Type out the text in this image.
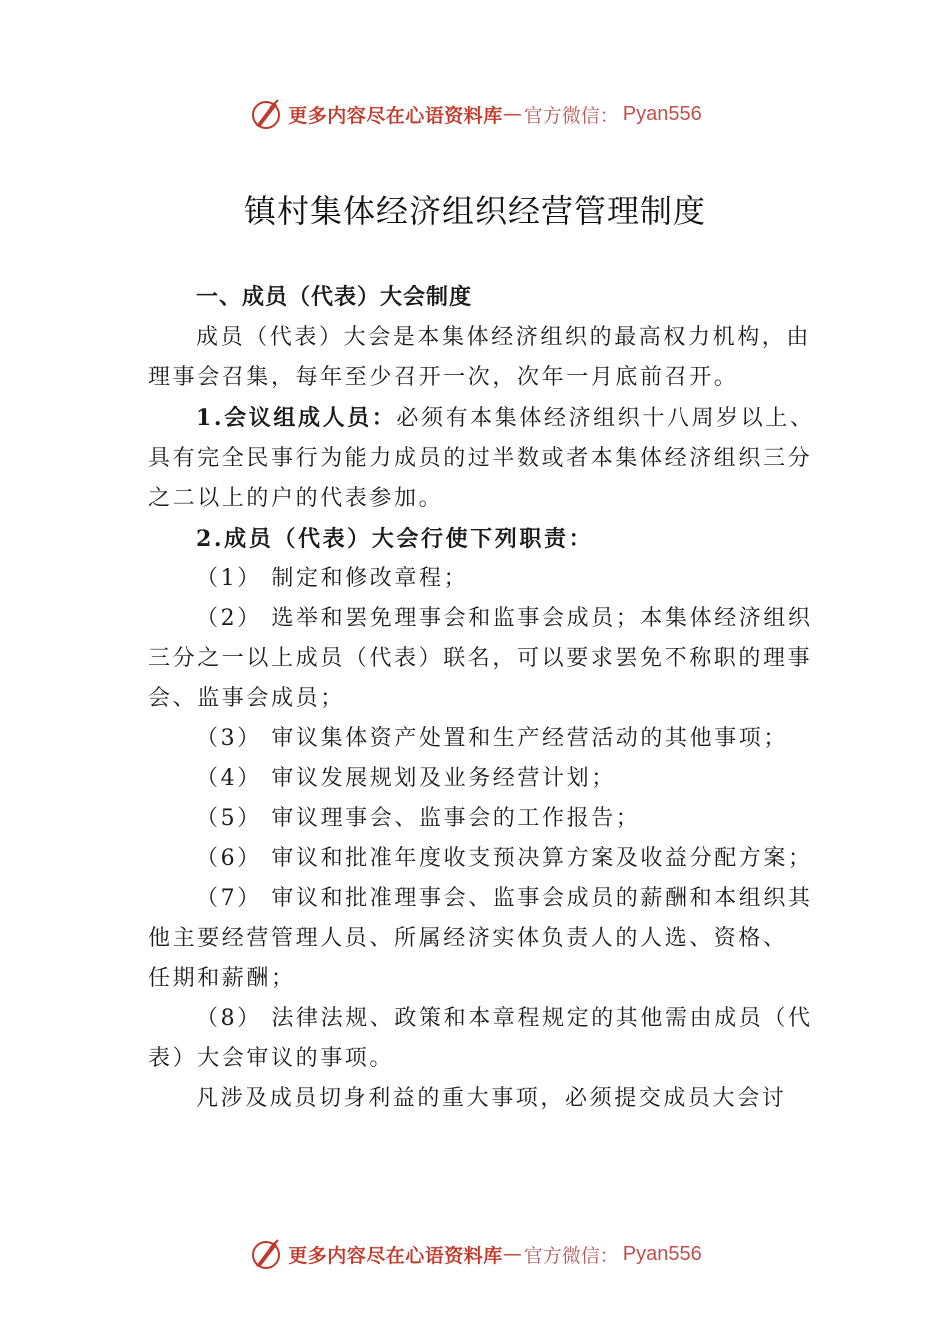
更多内容尽在心语资料库 — 官方微信： Pyan556
镇村集体经济组织经营管理制度

一、成员（代表）大会制度

成员（代表）大会是本集体经济组织的最高权力机构，由理事会召集，每年至少召开一次，次年一月底前召开。

1.会议组成人员：必须有本集体经济组织十八周岁以上、具有完全民事行为能力成员的过半数或者本集体经济组织三分之二以上的户的代表参加。

2.成员（代表）大会行使下列职责：

（1） 制定和修改章程；

（2） 选举和罢免理事会和监事会成员；本集体经济组织三分之一以上成员（代表）联名，可以要求罢免不称职的理事会、监事会成员；

（3） 审议集体资产处置和生产经营活动的其他事项；

（4） 审议发展规划及业务经营计划；

（5） 审议理事会、监事会的工作报告；

（6） 审议和批准年度收支预决算方案及收益分配方案；

（7） 审议和批准理事会、监事会成员的薪酬和本组织其他主要经营管理人员、所属经济实体负责人的人选、资格、 任期和薪酬；

（8） 法律法规、政策和本章程规定的其他需由成员（代表）大会审议的事项。

凡涉及成员切身利益的重大事项，必须提交成员大会讨

更多内容尽在心语资料库 — 官方微信： Pyan556
